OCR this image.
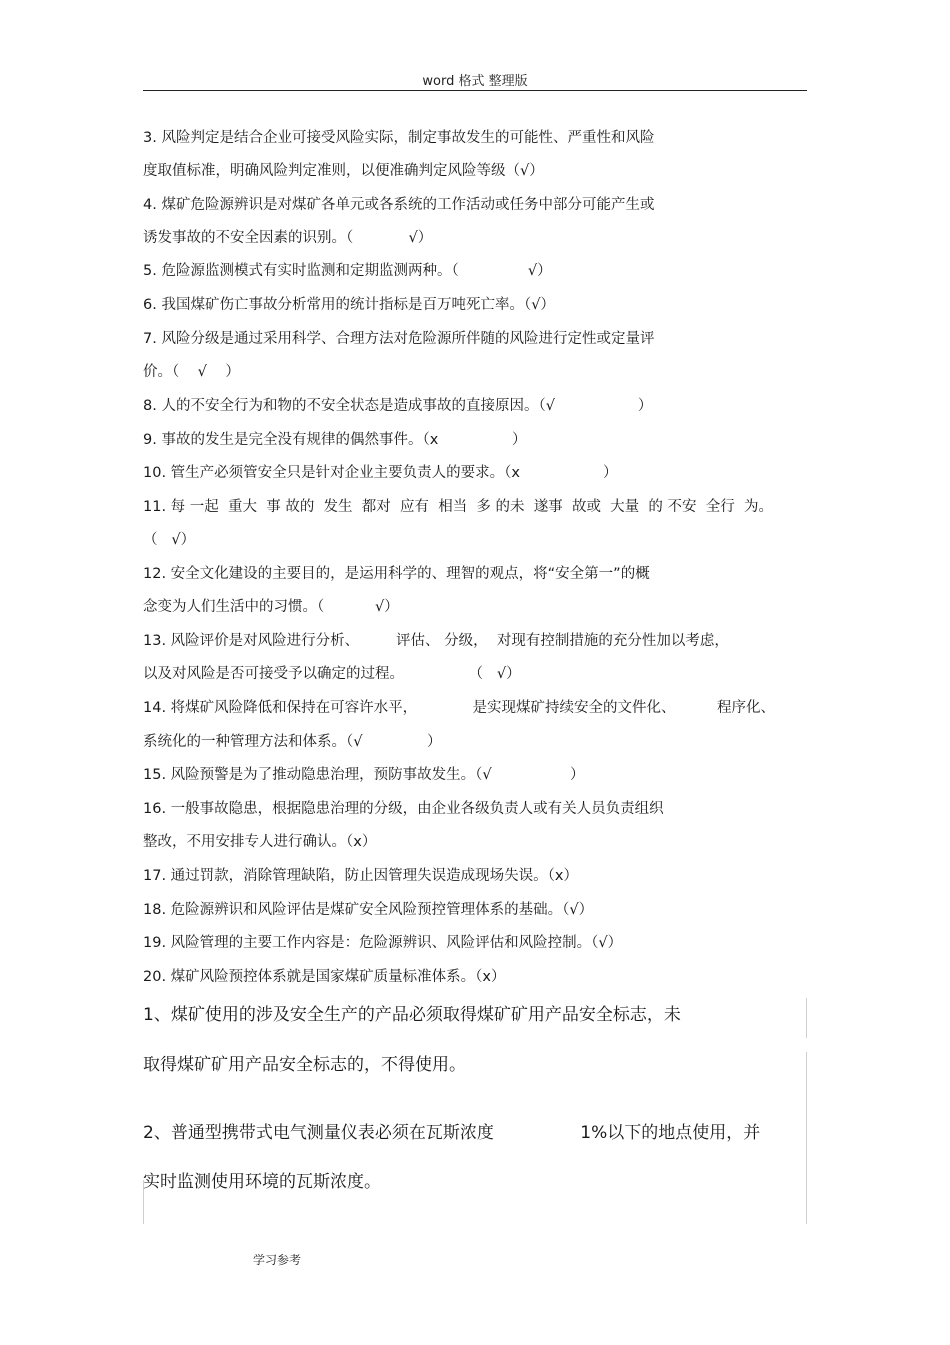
word 格式 整理版
3. 风险判定是结合企业可接受风险实际，制定事故发生的可能性、严重性和风险
度取值标准，明确风险判定准则，以便准确判定风险等级（√）
4. 煤矿危险源辨识是对煤矿各单元或各系统的工作活动或任务中部分可能产生或
诱发事故的不安全因素的识别。（            √）
5. 危险源监测模式有实时监测和定期监测两种。（               √）
6. 我国煤矿伤亡事故分析常用的统计指标是百万吨死亡率。（√）
7. 风险分级是通过采用科学、合理方法对危险源所伴随的风险进行定性或定量评
价。（    √    ）
8. 人的不安全行为和物的不安全状态是造成事故的直接原因。（√                  ）
9. 事故的发生是完全没有规律的偶然事件。（x                ）
10. 管生产必须管安全只是针对企业主要负责人的要求。（x                  ）
11. 每 一起  重大  事 故的  发生  都对  应有  相当  多 的未  遂事  故或  大量  的 不安  全行  为。
（   √）
12. 安全文化建设的主要目的，是运用科学的、理智的观点，将“安全第一”的概
念变为人们生活中的习惯。（           √）
13. 风险评价是对风险进行分析、        评估、 分级，  对现有控制措施的充分性加以考虑，
以及对风险是否可接受予以确定的过程。              （   √）
14. 将煤矿风险降低和保持在可容许水平，            是实现煤矿持续安全的文件化、         程序化、
系统化的一种管理方法和体系。（√              ）
15. 风险预警是为了推动隐患治理，预防事故发生。（√                 ）
16. 一般事故隐患，根据隐患治理的分级，由企业各级负责人或有关人员负责组织
整改，不用安排专人进行确认。（x）
17. 通过罚款，消除管理缺陷，防止因管理失误造成现场失误。（x）
18. 危险源辨识和风险评估是煤矿安全风险预控管理体系的基础。（√）
19. 风险管理的主要工作内容是：危险源辨识、风险评估和风险控制。（√）
20. 煤矿风险预控体系就是国家煤矿质量标准体系。（x）
1、煤矿使用的涉及安全生产的产品必须取得煤矿矿用产品安全标志，未
取得煤矿矿用产品安全标志的，不得使用。
2、普通型携带式电气测量仪表必须在瓦斯浓度                1%以下的地点使用，并
实时监测使用环境的瓦斯浓度。
学习参考
